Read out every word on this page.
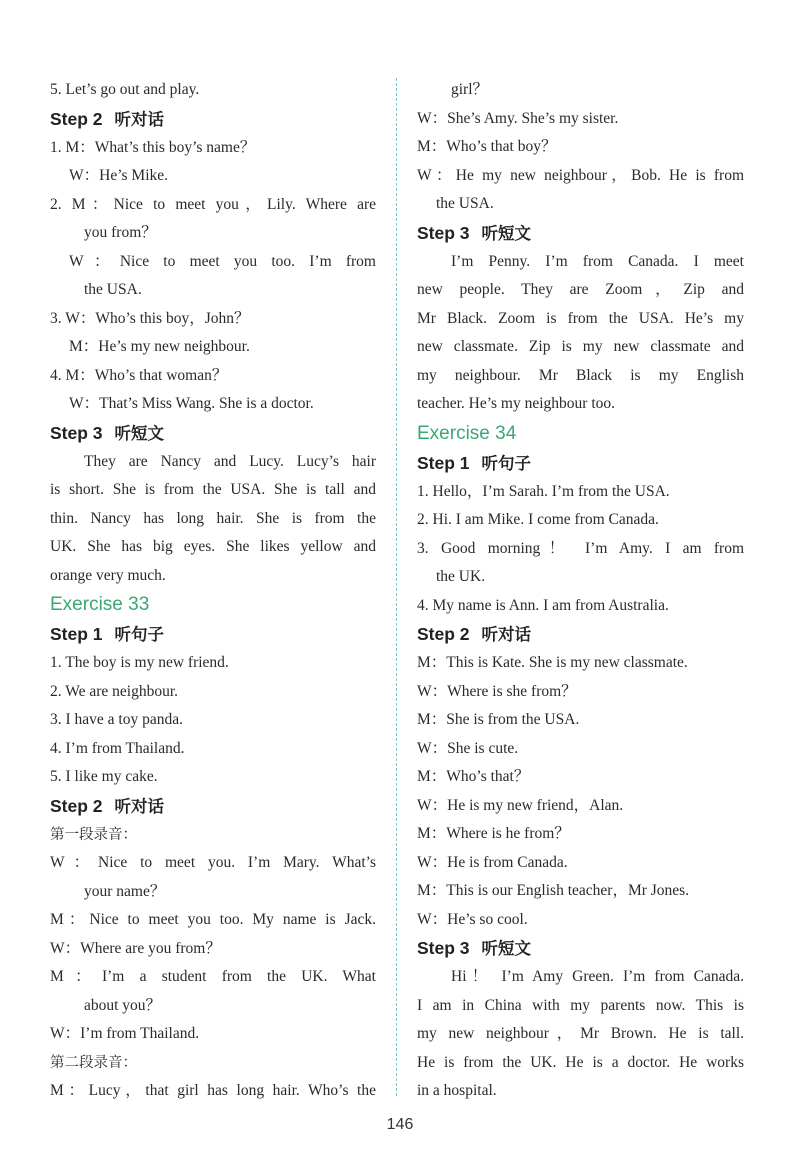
5. Let’s go out and play.
Step 2 听对话
1. M：What’s this boy’s name？
W：He’s Mike.
2. M：Nice to meet you，Lily. Where are
you from？
W：Nice to meet you too. I’m from
the USA.
3. W：Who’s this boy，John？
M：He’s my new neighbour.
4. M：Who’s that woman？
W：That’s Miss Wang. She is a doctor.
Step 3 听短文
They are Nancy and Lucy. Lucy’s hair
is short. She is from the USA. She is tall and
thin. Nancy has long hair. She is from the
UK. She has big eyes. She likes yellow and
orange very much.
Exercise 33
Step 1 听句子
1. The boy is my new friend.
2. We are neighbour.
3. I have a toy panda.
4. I’m from Thailand.
5. I like my cake.
Step 2 听对话
第一段录音：
W：Nice to meet you. I’m Mary. What’s
your name？
M：Nice to meet you too. My name is Jack.
W：Where are you from？
M：I’m a student from the UK. What
about you？
W：I’m from Thailand.
第二段录音：
M：Lucy，that girl has long hair. Who’s the
girl？
W：She’s Amy. She’s my sister.
M：Who’s that boy？
W：He my new neighbour，Bob. He is from
the USA.
Step 3 听短文
I’m Penny. I’m from Canada. I meet
new people. They are Zoom，Zip and
Mr Black. Zoom is from the USA. He’s my
new classmate. Zip is my new classmate and
my neighbour. Mr Black is my English
teacher. He’s my neighbour too.
Exercise 34
Step 1 听句子
1. Hello，I’m Sarah. I’m from the USA.
2. Hi. I am Mike. I come from Canada.
3. Good morning！ I’m Amy. I am from
the UK.
4. My name is Ann. I am from Australia.
Step 2 听对话
M：This is Kate. She is my new classmate.
W：Where is she from？
M：She is from the USA.
W：She is cute.
M：Who’s that？
W：He is my new friend，Alan.
M：Where is he from？
W：He is from Canada.
M：This is our English teacher，Mr Jones.
W：He’s so cool.
Step 3 听短文
Hi！ I’m Amy Green. I’m from Canada.
I am in China with my parents now. This is
my new neighbour，Mr Brown. He is tall.
He is from the UK. He is a doctor. He works
in a hospital.
146
